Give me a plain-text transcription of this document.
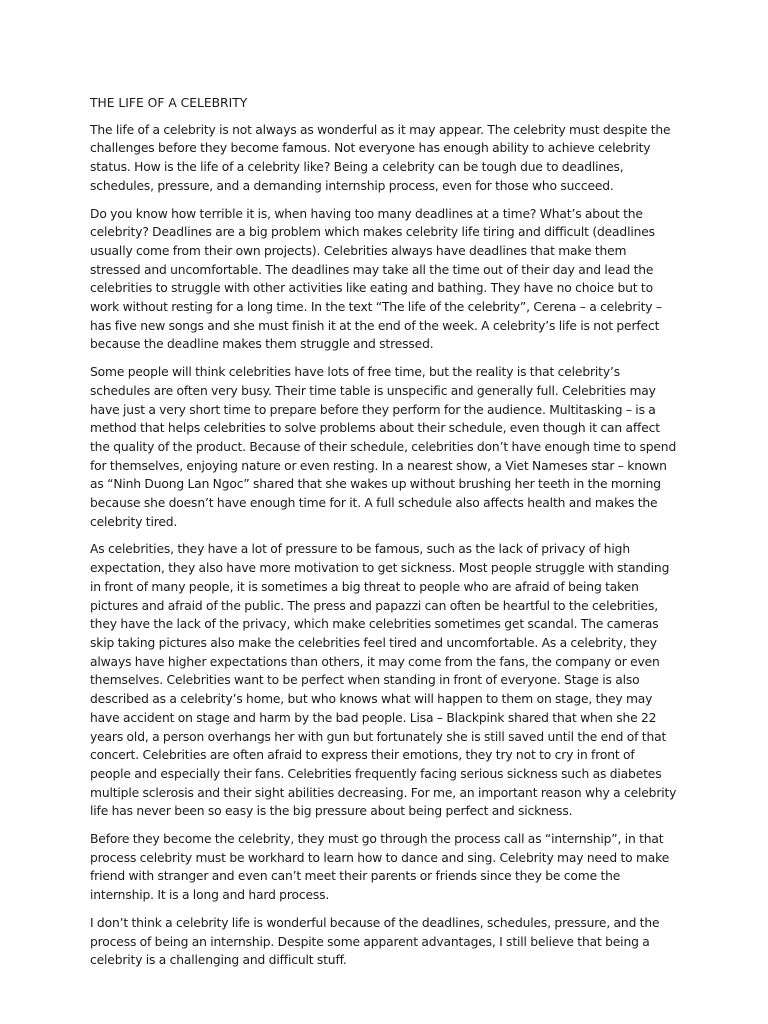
THE LIFE OF A CELEBRITY

The life of a celebrity is not always as wonderful as it may appear. The celebrity must despite the challenges before they become famous. Not everyone has enough ability to achieve celebrity status. How is the life of a celebrity like? Being a celebrity can be tough due to deadlines, schedules, pressure, and a demanding internship process, even for those who succeed.

Do you know how terrible it is, when having too many deadlines at a time? What’s about the celebrity? Deadlines are a big problem which makes celebrity life tiring and difficult (deadlines usually come from their own projects). Celebrities always have deadlines that make them stressed and uncomfortable. The deadlines may take all the time out of their day and lead the celebrities to struggle with other activities like eating and bathing. They have no choice but to work without resting for a long time. In the text “The life of the celebrity”, Cerena – a celebrity – has five new songs and she must finish it at the end of the week. A celebrity’s life is not perfect because the deadline makes them struggle and stressed.

Some people will think celebrities have lots of free time, but the reality is that celebrity’s schedules are often very busy. Their time table is unspecific and generally full. Celebrities may have just a very short time to prepare before they perform for the audience. Multitasking – is a method that helps celebrities to solve problems about their schedule, even though it can affect the quality of the product. Because of their schedule, celebrities don’t have enough time to spend for themselves, enjoying nature or even resting. In a nearest show, a Viet Nameses star – known as “Ninh Duong Lan Ngoc” shared that she wakes up without brushing her teeth in the morning because she doesn’t have enough time for it. A full schedule also affects health and makes the celebrity tired.

As celebrities, they have a lot of pressure to be famous, such as the lack of privacy of high expectation, they also have more motivation to get sickness. Most people struggle with standing in front of many people, it is sometimes a big threat to people who are afraid of being taken pictures and afraid of the public. The press and papazzi can often be heartful to the celebrities, they have the lack of the privacy, which make celebrities sometimes get scandal. The cameras skip taking pictures also make the celebrities feel tired and uncomfortable. As a celebrity, they always have higher expectations than others, it may come from the fans, the company or even themselves. Celebrities want to be perfect when standing in front of everyone. Stage is also described as a celebrity’s home, but who knows what will happen to them on stage, they may have accident on stage and harm by the bad people. Lisa – Blackpink shared that when she 22 years old, a person overhangs her with gun but fortunately she is still saved until the end of that concert. Celebrities are often afraid to express their emotions, they try not to cry in front of people and especially their fans. Celebrities frequently facing serious sickness such as diabetes multiple sclerosis and their sight abilities decreasing. For me, an important reason why a celebrity life has never been so easy is the big pressure about being perfect and sickness.

Before they become the celebrity, they must go through the process call as “internship”, in that process celebrity must be workhard to learn how to dance and sing. Celebrity may need to make friend with stranger and even can’t meet their parents or friends since they be come the internship. It is a long and hard process.

I don’t think a celebrity life is wonderful because of the deadlines, schedules, pressure, and the process of being an internship. Despite some apparent advantages, I still believe that being a celebrity is a challenging and difficult stuff.
